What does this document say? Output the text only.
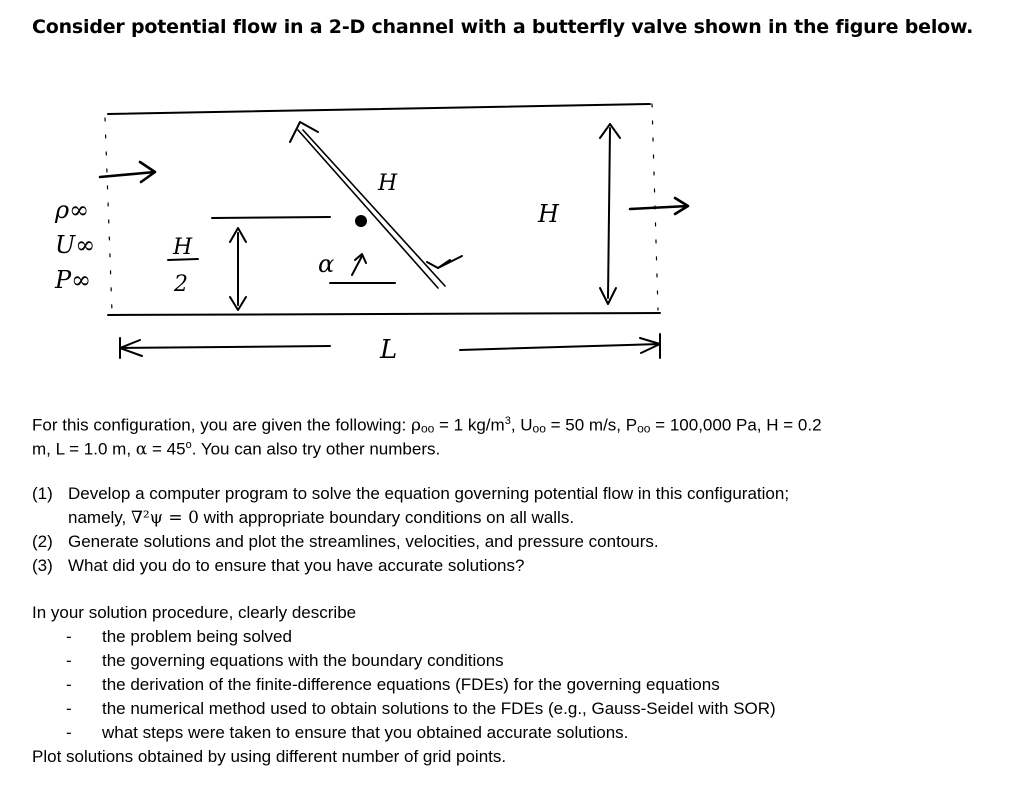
Consider potential flow in a 2-D channel with a butterfly valve shown in the figure below.
ρ∞
U∞
P∞
H
2
H
H
α
L
For this configuration, you are given the following: ρoo = 1 $kg/m^3$, Uoo = 50 m/s, Poo = 100,000 Pa, H = 0.2
m, L = 1.0 m, $\alpha = 45^o$. You can also try other numbers.
(1) Develop a computer program to solve the equation governing potential flow in this configuration;
namely, ∇²ψ = 0 with appropriate boundary conditions on all walls.
(2) Generate solutions and plot the streamlines, velocities, and pressure contours.
(3) What did you do to ensure that you have accurate solutions?
In your solution procedure, clearly describe
-	the problem being solved
-	the governing equations with the boundary conditions
-	the derivation of the finite-difference equations (FDEs) for the governing equations
-	the numerical method used to obtain solutions to the FDEs (e.g., Gauss-Seidel with SOR)
-	what steps were taken to ensure that you obtained accurate solutions.
Plot solutions obtained by using different number of grid points.
